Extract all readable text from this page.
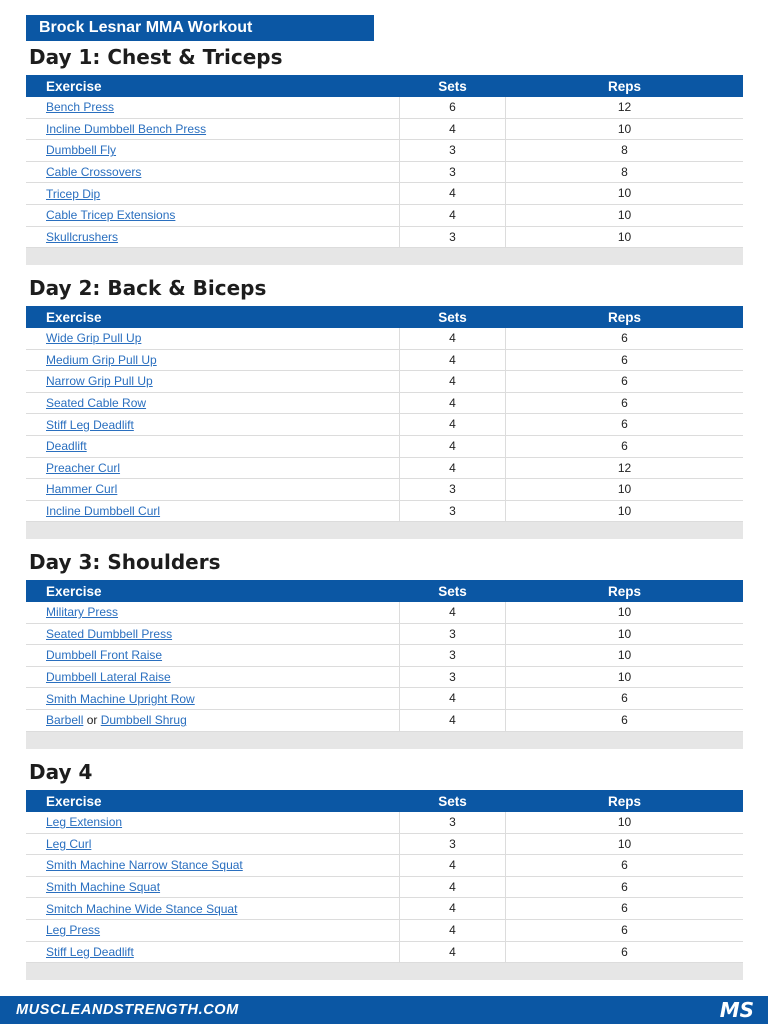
Brock Lesnar MMA Workout
Day 1: Chest & Triceps
Exercise	Sets	Reps
Bench Press	6	12
Incline Dumbbell Bench Press	4	10
Dumbbell Fly	3	8
Cable Crossovers	3	8
Tricep Dip	4	10
Cable Tricep Extensions	4	10
Skullcrushers	3	10
Day 2: Back & Biceps
Exercise	Sets	Reps
Wide Grip Pull Up	4	6
Medium Grip Pull Up	4	6
Narrow Grip Pull Up	4	6
Seated Cable Row	4	6
Stiff Leg Deadlift	4	6
Deadlift	4	6
Preacher Curl	4	12
Hammer Curl	3	10
Incline Dumbbell Curl	3	10
Day 3: Shoulders
Exercise	Sets	Reps
Military Press	4	10
Seated Dumbbell Press	3	10
Dumbbell Front Raise	3	10
Dumbbell Lateral Raise	3	10
Smith Machine Upright Row	4	6
Barbell or Dumbbell Shrug	4	6
Day 4
Exercise	Sets	Reps
Leg Extension	3	10
Leg Curl	3	10
Smith Machine Narrow Stance Squat	4	6
Smith Machine Squat	4	6
Smitch Machine Wide Stance Squat	4	6
Leg Press	4	6
Stiff Leg Deadlift	4	6
MUSCLEANDSTRENGTH.COM	MS
